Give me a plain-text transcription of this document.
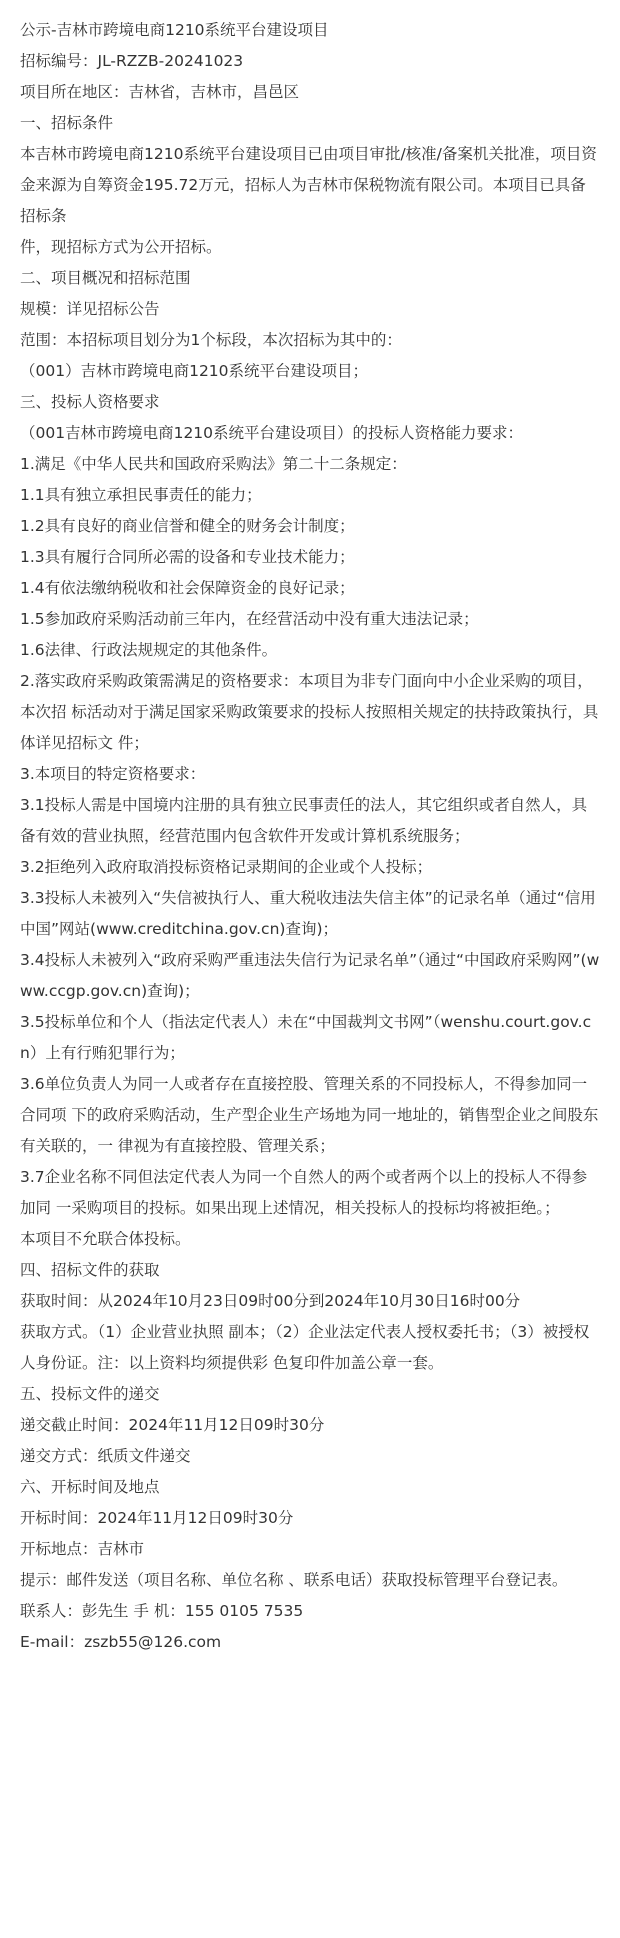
公示-吉林市跨境电商1210系统平台建设项目

招标编号：JL-RZZB-20241023

项目所在地区：吉林省，吉林市，昌邑区

一、招标条件

本吉林市跨境电商1210系统平台建设项目已由项目审批/核准/备案机关批准，项目资 金来源为自筹资金195.72万元，招标人为吉林市保税物流有限公司。本项目已具备招标条

件，现招标方式为公开招标。

二、项目概况和招标范围

规模：详见招标公告

范围：本招标项目划分为1个标段，本次招标为其中的：

（001）吉林市跨境电商1210系统平台建设项目；

三、投标人资格要求

（001吉林市跨境电商1210系统平台建设项目）的投标人资格能力要求：

1.满足《中华人民共和国政府采购法》第二十二条规定：

1.1具有独立承担民事责任的能力；

1.2具有良好的商业信誉和健全的财务会计制度；

1.3具有履行合同所必需的设备和专业技术能力；

1.4有依法缴纳税收和社会保障资金的良好记录；

1.5参加政府采购活动前三年内，在经营活动中没有重大违法记录；

1.6法律、行政法规规定的其他条件。

2.落实政府采购政策需满足的资格要求：本项目为非专门面向中小企业采购的项目，本次招 标活动对于满足国家采购政策要求的投标人按照相关规定的扶持政策执行，具体详见招标文 件；

3.本项目的特定资格要求：

3.1投标人需是中国境内注册的具有独立民事责任的法人，其它组织或者自然人，具备有效的营业执照，经营范围内包含软件开发或计算机系统服务；

3.2拒绝列入政府取消投标资格记录期间的企业或个人投标；

3.3投标人未被列入“失信被执行人、重大税收违法失信主体”的记录名单（通过“信用中国”网站(www.creditchina.gov.cn)查询)；

3.4投标人未被列入“政府采购严重违法失信行为记录名单”（通过“中国政府采购网”(www.ccgp.gov.cn)查询)；

3.5投标单位和个人（指法定代表人）未在“中国裁判文书网”（wenshu.court.gov.cn）上有行贿犯罪行为；

3.6单位负责人为同一人或者存在直接控股、管理关系的不同投标人，不得参加同一合同项 下的政府采购活动，生产型企业生产场地为同一地址的，销售型企业之间股东有关联的，一 律视为有直接控股、管理关系；

3.7企业名称不同但法定代表人为同一个自然人的两个或者两个以上的投标人不得参加同 一采购项目的投标。如果出现上述情况，相关投标人的投标均将被拒绝。；

本项目不允联合体投标。

四、招标文件的获取

获取时间：从2024年10月23日09时00分到2024年10月30日16时00分

获取方式。（1）企业营业执照 副本；（2）企业法定代表人授权委托书；（3）被授权人身份证。注：以上资料均须提供彩 色复印件加盖公章一套。

五、投标文件的递交

递交截止时间：2024年11月12日09时30分

递交方式：纸质文件递交

六、开标时间及地点

开标时间：2024年11月12日09时30分

开标地点：吉林市

提示：邮件发送（项目名称、单位名称 、联系电话）获取投标管理平台登记表。

联系人：彭先生 手 机：155 0105 7535

E-mail：zszb55@126.com
